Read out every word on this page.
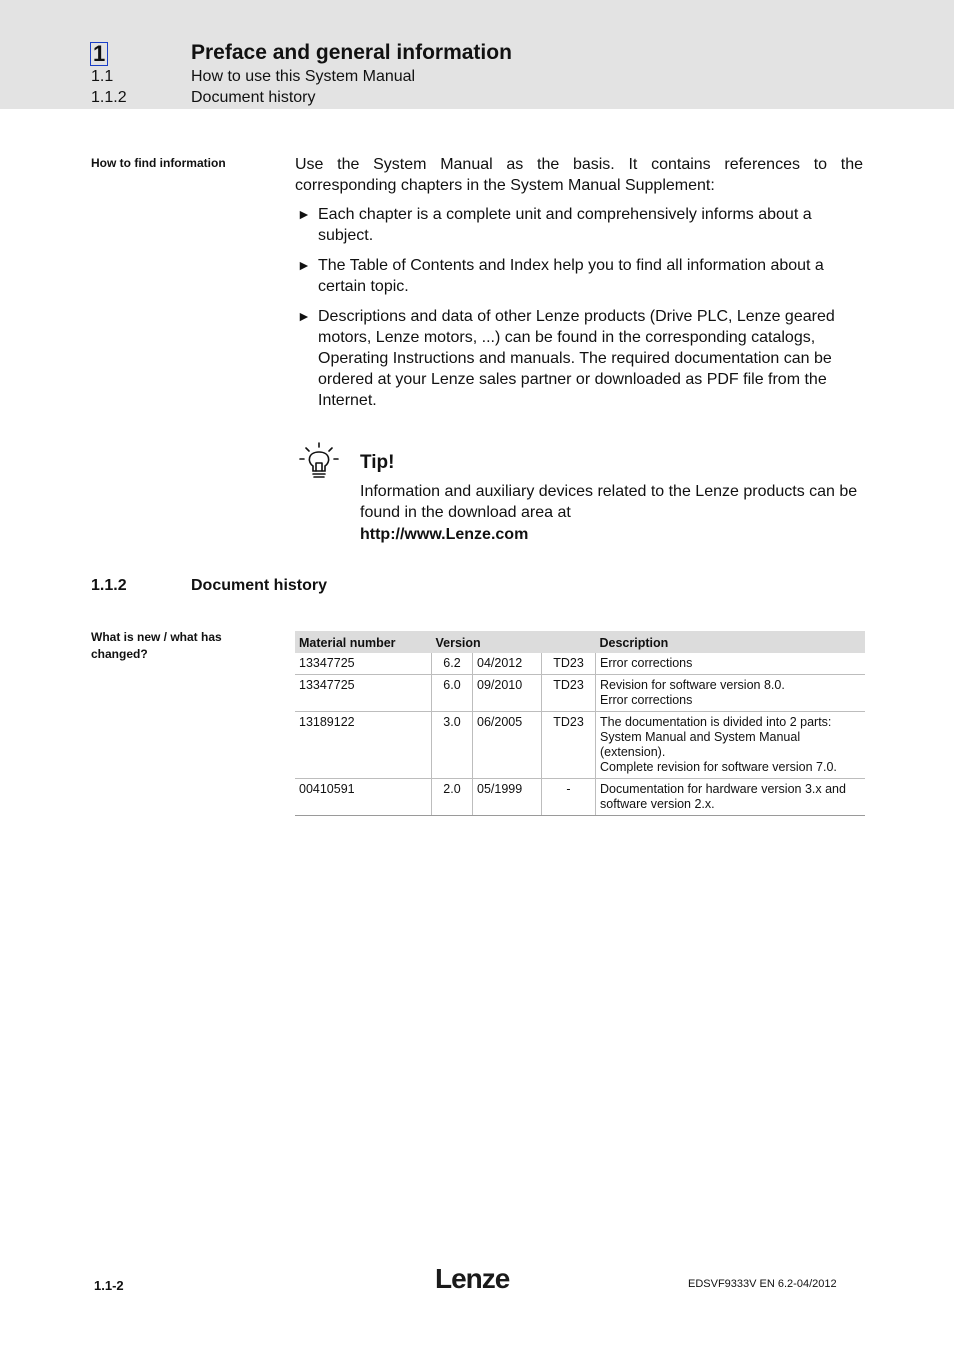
1	Preface and general information
1.1	How to use this System Manual
1.1.2	Document history
How to find information	Use the System Manual as the basis. It contains references to the corresponding chapters in the System Manual Supplement:

► Each chapter is a complete unit and comprehensively informs about a subject.
► The Table of Contents and Index help you to find all information about a certain topic.
► Descriptions and data of other Lenze products (Drive PLC, Lenze geared motors, Lenze motors, ...) can be found in the corresponding catalogs, Operating Instructions and manuals. The required documentation can be ordered at your Lenze sales partner or downloaded as PDF file from the Internet.
Tip!
Information and auxiliary devices related to the Lenze products can be found in the download area at
http://www.Lenze.com
1.1.2	Document history
What is new / what has changed?
Material number	Version			Description
13347725	6.2	04/2012	TD23	Error corrections
13347725	6.0	09/2010	TD23	Revision for software version 8.0.
Error corrections
13189122	3.0	06/2005	TD23	The documentation is divided into 2 parts: System Manual and System Manual (extension).
Complete revision for software version 7.0.
00410591	2.0	05/1999	-	Documentation for hardware version 3.x and software version 2.x.
1.1-2	Lenze	EDSVF9333V EN 6.2-04/2012
